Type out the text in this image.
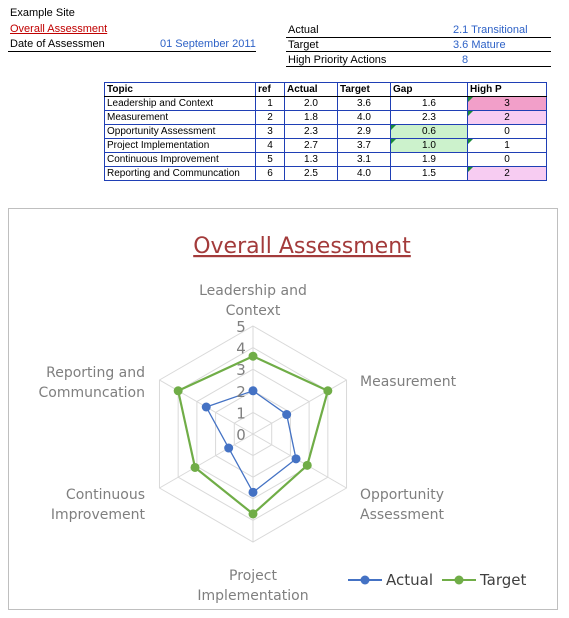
Example Site
Overall Assessment
Date of Assessmen	01 September 2011
Actual	2.1 Transitional
Target	3.6 Mature
High Priority Actions	8
Topic	ref	Actual	Target	Gap	High P
Leadership and Context	1	2.0	3.6	1.6	3
Measurement	2	1.8	4.0	2.3	2
Opportunity Assessment	3	2.3	2.9	0.6	0
Project Implementation	4	2.7	3.7	1.0	1
Continuous Improvement	5	1.3	3.1	1.9	0
Reporting and Communcation	6	2.5	4.0	1.5	2
Overall Assessment
Leadership and Context
Measurement
Opportunity Assessment
Project Implementation
Continuous Improvement
Reporting and Communcation
0
1
2
3
4
5
Actual	Target
